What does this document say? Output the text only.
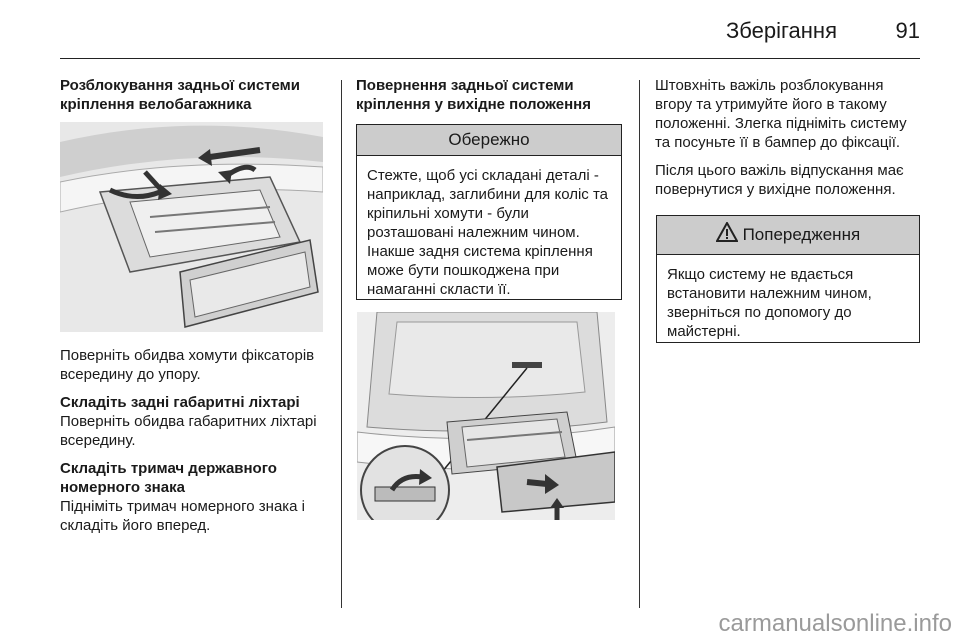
Зберігання	91

Розблокування задньої системи кріплення велобагажника

Поверніть обидва хомути фіксаторів всередину до упору.

Складіть задні габаритні ліхтарі

Поверніть обидва габаритних ліхтарі всередину.

Складіть тримач державного номерного знака

Підніміть тримач номерного знака і складіть його вперед.

Повернення задньої системи кріплення у вихідне положення

Обережно
Стежте, щоб усі складані деталі - наприклад, заглибини для коліс та кріпильні хомути - були розташовані належним чином. Інакше задня система кріплення може бути пошкоджена при намаганні скласти її.

Штовхніть важіль розблокування вгору та утримуйте його в такому положенні. Злегка підніміть систему та посуньте її в бампер до фіксації.

Після цього важіль відпускання має повернутися у вихідне положення.

Попередження
Якщо систему не вдається встановити належним чином, зверніться по допомогу до майстерні.
carmanualsonline.info
